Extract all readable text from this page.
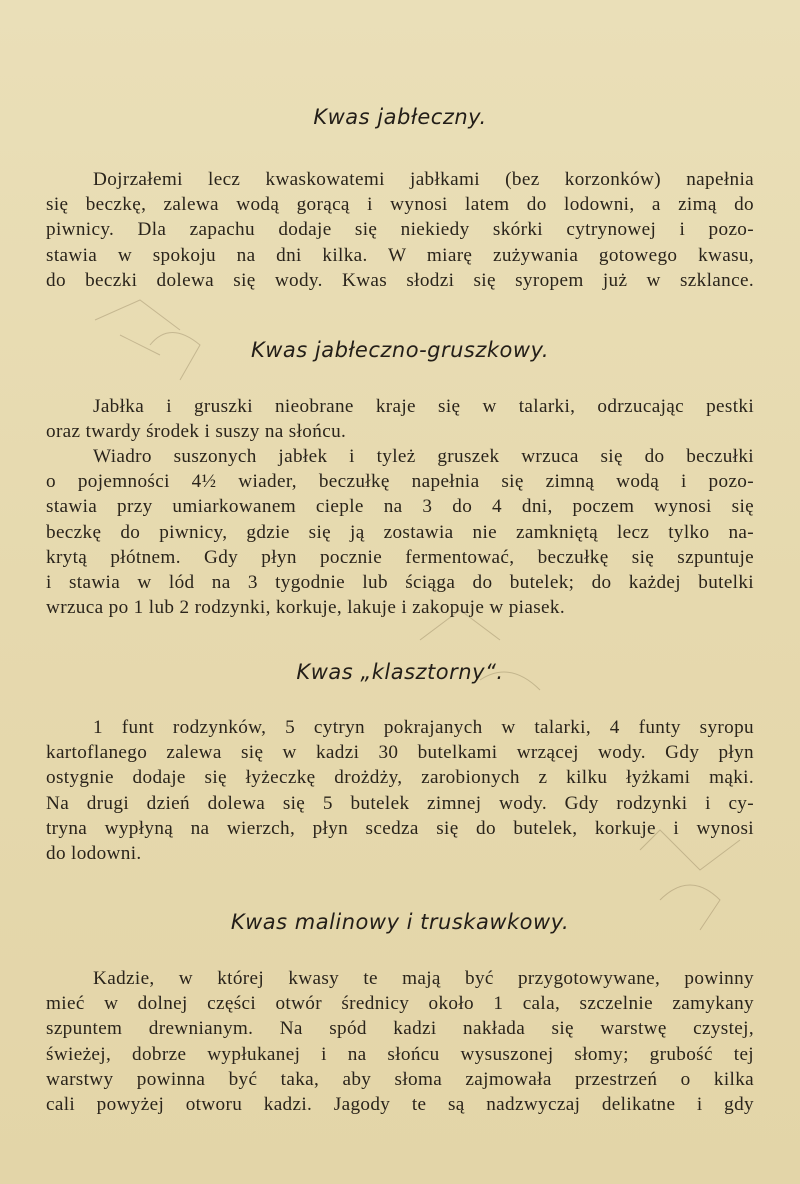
Kwas jabłeczny.
Dojrzałemi lecz kwaskowatemi jabłkami (bez korzonków) napełnia
się beczkę, zalewa wodą gorącą i wynosi latem do lodowni, a zimą do
piwnicy. Dla zapachu dodaje się niekiedy skórki cytrynowej i pozo-
stawia w spokoju na dni kilka. W miarę zużywania gotowego kwasu,
do beczki dolewa się wody. Kwas słodzi się syropem już w szklance.
Kwas jabłeczno-gruszkowy.
Jabłka i gruszki nieobrane kraje się w talarki, odrzucając pestki
oraz twardy środek i suszy na słońcu.
Wiadro suszonych jabłek i tyleż gruszek wrzuca się do beczułki
o pojemności 4½ wiader, beczułkę napełnia się zimną wodą i pozo-
stawia przy umiarkowanem cieple na 3 do 4 dni, poczem wynosi się
beczkę do piwnicy, gdzie się ją zostawia nie zamkniętą lecz tylko na-
krytą płótnem. Gdy płyn pocznie fermentować, beczułkę się szpuntuje
i stawia w lód na 3 tygodnie lub ściąga do butelek; do każdej butelki
wrzuca po 1 lub 2 rodzynki, korkuje, lakuje i zakopuje w piasek.
Kwas „klasztorny“.
1 funt rodzynków, 5 cytryn pokrajanych w talarki, 4 funty syropu
kartoflanego zalewa się w kadzi 30 butelkami wrzącej wody. Gdy płyn
ostygnie dodaje się łyżeczkę drożdży, zarobionych z kilku łyżkami mąki.
Na drugi dzień dolewa się 5 butelek zimnej wody. Gdy rodzynki i cy-
tryna wypłyną na wierzch, płyn scedza się do butelek, korkuje i wynosi
do lodowni.
Kwas malinowy i truskawkowy.
Kadzie, w której kwasy te mają być przygotowywane, powinny
mieć w dolnej części otwór średnicy około 1 cala, szczelnie zamykany
szpuntem drewnianym. Na spód kadzi nakłada się warstwę czystej,
świeżej, dobrze wypłukanej i na słońcu wysuszonej słomy; grubość tej
warstwy powinna być taka, aby słoma zajmowała przestrzeń o kilka
cali powyżej otworu kadzi. Jagody te są nadzwyczaj delikatne i gdy
